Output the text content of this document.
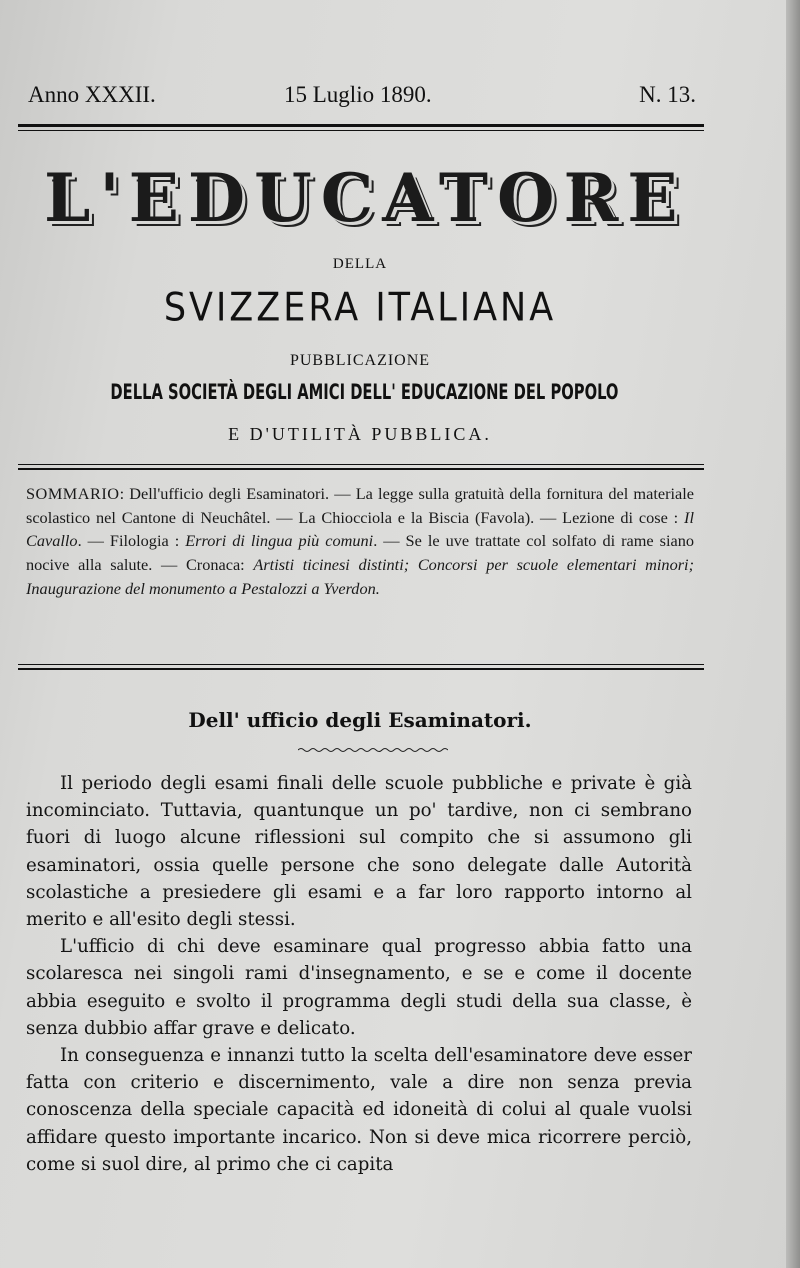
Anno XXXII.	15 Luglio 1890.	N. 13.
L'EDUCATORE
DELLA
SVIZZERA ITALIANA
PUBBLICAZIONE
DELLA SOCIETÀ DEGLI AMICI DELL' EDUCAZIONE DEL POPOLO
E D'UTILITÀ PUBBLICA.

SOMMARIO: Dell'ufficio degli Esaminatori. — La legge sulla gratuità della fornitura del materiale scolastico nel Cantone di Neuchâtel. — La Chiocciola e la Biscia (Favola). — Lezione di cose : Il Cavallo. — Filologia : Errori di lingua più comuni. — Se le uve trattate col solfato di rame siano nocive alla salute. — Cronaca: Artisti ticinesi distinti; Concorsi per scuole elementari minori; Inaugurazione del monumento a Pestalozzi a Yverdon.

Dell' ufficio degli Esaminatori.

Il periodo degli esami finali delle scuole pubbliche e private è già incominciato. Tuttavia, quantunque un po' tardive, non ci sembrano fuori di luogo alcune riflessioni sul compito che si assumono gli esaminatori, ossia quelle persone che sono delegate dalle Autorità scolastiche a presiedere gli esami e a far loro rapporto intorno al merito e all'esito degli stessi.

L'ufficio di chi deve esaminare qual progresso abbia fatto una scolaresca nei singoli rami d'insegnamento, e se e come il docente abbia eseguito e svolto il programma degli studi della sua classe, è senza dubbio affar grave e delicato.

In conseguenza e innanzi tutto la scelta dell'esaminatore deve esser fatta con criterio e discernimento, vale a dire non senza previa conoscenza della speciale capacità ed idoneità di colui al quale vuolsi affidare questo importante incarico. Non si deve mica ricorrere perciò, come si suol dire, al primo che ci capita
